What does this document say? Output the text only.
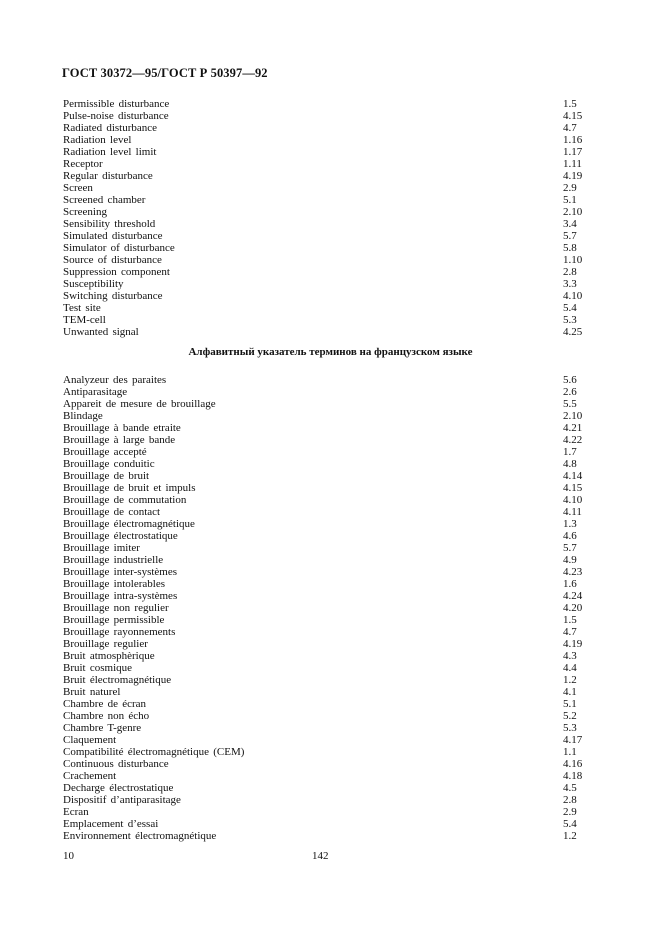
ГОСТ 30372—95/ГОСТ Р 50397—92
Permissible disturbance	1.5
Pulse-noise disturbance	4.15
Radiated disturbance	4.7
Radiation level	1.16
Radiation level limit	1.17
Receptor	1.11
Regular disturbance	4.19
Screen	2.9
Screened chamber	5.1
Screening	2.10
Sensibility threshold	3.4
Simulated disturbance	5.7
Simulator of disturbance	5.8
Source of disturbance	1.10
Suppression component	2.8
Susceptibility	3.3
Switching disturbance	4.10
Test site	5.4
TEM-cell	5.3
Unwanted signal	4.25
Алфавитный указатель терминов на французском языке
Analyzeur des paraites	5.6
Antiparasitage	2.6
Appareit de mesure de brouillage	5.5
Blindage	2.10
Brouillage à bande etraite	4.21
Brouillage à large bande	4.22
Brouillage accepté	1.7
Brouillage conduitic	4.8
Brouillage de bruit	4.14
Brouillage de bruit et impuls	4.15
Brouillage de commutation	4.10
Brouillage de contact	4.11
Brouillage électromagnétique	1.3
Brouillage électrostatique	4.6
Brouillage imiter	5.7
Brouillage industrielle	4.9
Brouillage inter-systèmes	4.23
Brouillage intolerables	1.6
Brouillage intra-systèmes	4.24
Brouillage non regulier	4.20
Brouillage permissible	1.5
Brouillage rayonnements	4.7
Brouillage regulier	4.19
Bruit atmosphèrique	4.3
Bruit cosmique	4.4
Bruit électromagnétique	1.2
Bruit naturel	4.1
Chambre de écran	5.1
Chambre non écho	5.2
Chambre T-genre	5.3
Claquement	4.17
Compatibilité électromagnétique (CEM)	1.1
Continuous disturbance	4.16
Crachement	4.18
Decharge électrostatique	4.5
Dispositif d’antiparasitage	2.8
Ecran	2.9
Emplacement d’essai	5.4
Environnement électromagnétique	1.2
10	142
